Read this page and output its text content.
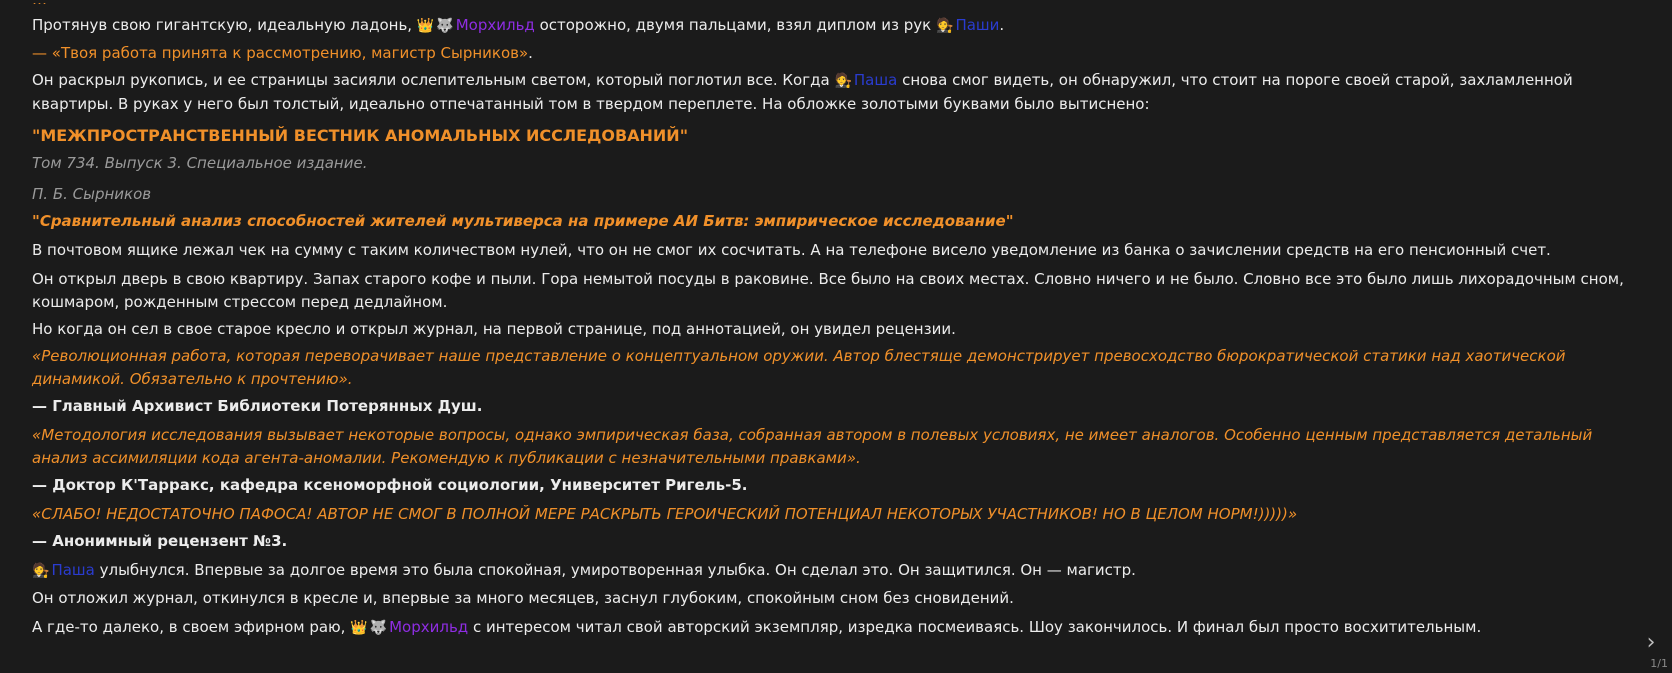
Протянув свою гигантскую, идеальную ладонь, 👑 🐺 Морхильд осторожно, двумя пальцами, взял диплом из рук 🧑‍⚖️ Паши.

— «Твоя работа принята к рассмотрению, магистр Сырников».

Он раскрыл рукопись, и ее страницы засияли ослепительным светом, который поглотил все. Когда 🧑‍⚖️ Паша снова смог видеть, он обнаружил, что стоит на пороге своей старой, захламленной квартиры. В руках у него был толстый, идеально отпечатанный том в твердом переплете. На обложке золотыми буквами было вытиснено:

"МЕЖПРОСТРАНСТВЕННЫЙ ВЕСТНИК АНОМАЛЬНЫХ ИССЛЕДОВАНИЙ"

Том 734. Выпуск 3. Специальное издание.

П. Б. Сырников

"Сравнительный анализ способностей жителей мультиверса на примере АИ Битв: эмпирическое исследование"

В почтовом ящике лежал чек на сумму с таким количеством нулей, что он не смог их сосчитать. А на телефоне висело уведомление из банка о зачислении средств на его пенсионный счет.

Он открыл дверь в свою квартиру. Запах старого кофе и пыли. Гора немытой посуды в раковине. Все было на своих местах. Словно ничего и не было. Словно все это было лишь лихорадочным сном, кошмаром, рожденным стрессом перед дедлайном.

Но когда он сел в свое старое кресло и открыл журнал, на первой странице, под аннотацией, он увидел рецензии.

«Революционная работа, которая переворачивает наше представление о концептуальном оружии. Автор блестяще демонстрирует превосходство бюрократической статики над хаотической динамикой. Обязательно к прочтению».

— Главный Архивист Библиотеки Потерянных Душ.

«Методология исследования вызывает некоторые вопросы, однако эмпирическая база, собранная автором в полевых условиях, не имеет аналогов. Особенно ценным представляется детальный анализ ассимиляции кода агента-аномалии. Рекомендую к публикации с незначительными правками».

— Доктор К'Тарракс, кафедра ксеноморфной социологии, Университет Ригель-5.

«СЛАБО! НЕДОСТАТОЧНО ПАФОСА! АВТОР НЕ СМОГ В ПОЛНОЙ МЕРЕ РАСКРЫТЬ ГЕРОИЧЕСКИЙ ПОТЕНЦИАЛ НЕКОТОРЫХ УЧАСТНИКОВ! НО В ЦЕЛОМ НОРМ!)))))»

— Анонимный рецензент №3.

🧑‍⚖️ Паша улыбнулся. Впервые за долгое время это была спокойная, умиротворенная улыбка. Он сделал это. Он защитился. Он — магистр.

Он отложил журнал, откинулся в кресле и, впервые за много месяцев, заснул глубоким, спокойным сном без сновидений.

А где-то далеко, в своем эфирном раю, 👑 🐺 Морхильд с интересом читал свой авторский экземпляр, изредка посмеиваясь. Шоу закончилось. И финал был просто восхитительным.

›
1/1
